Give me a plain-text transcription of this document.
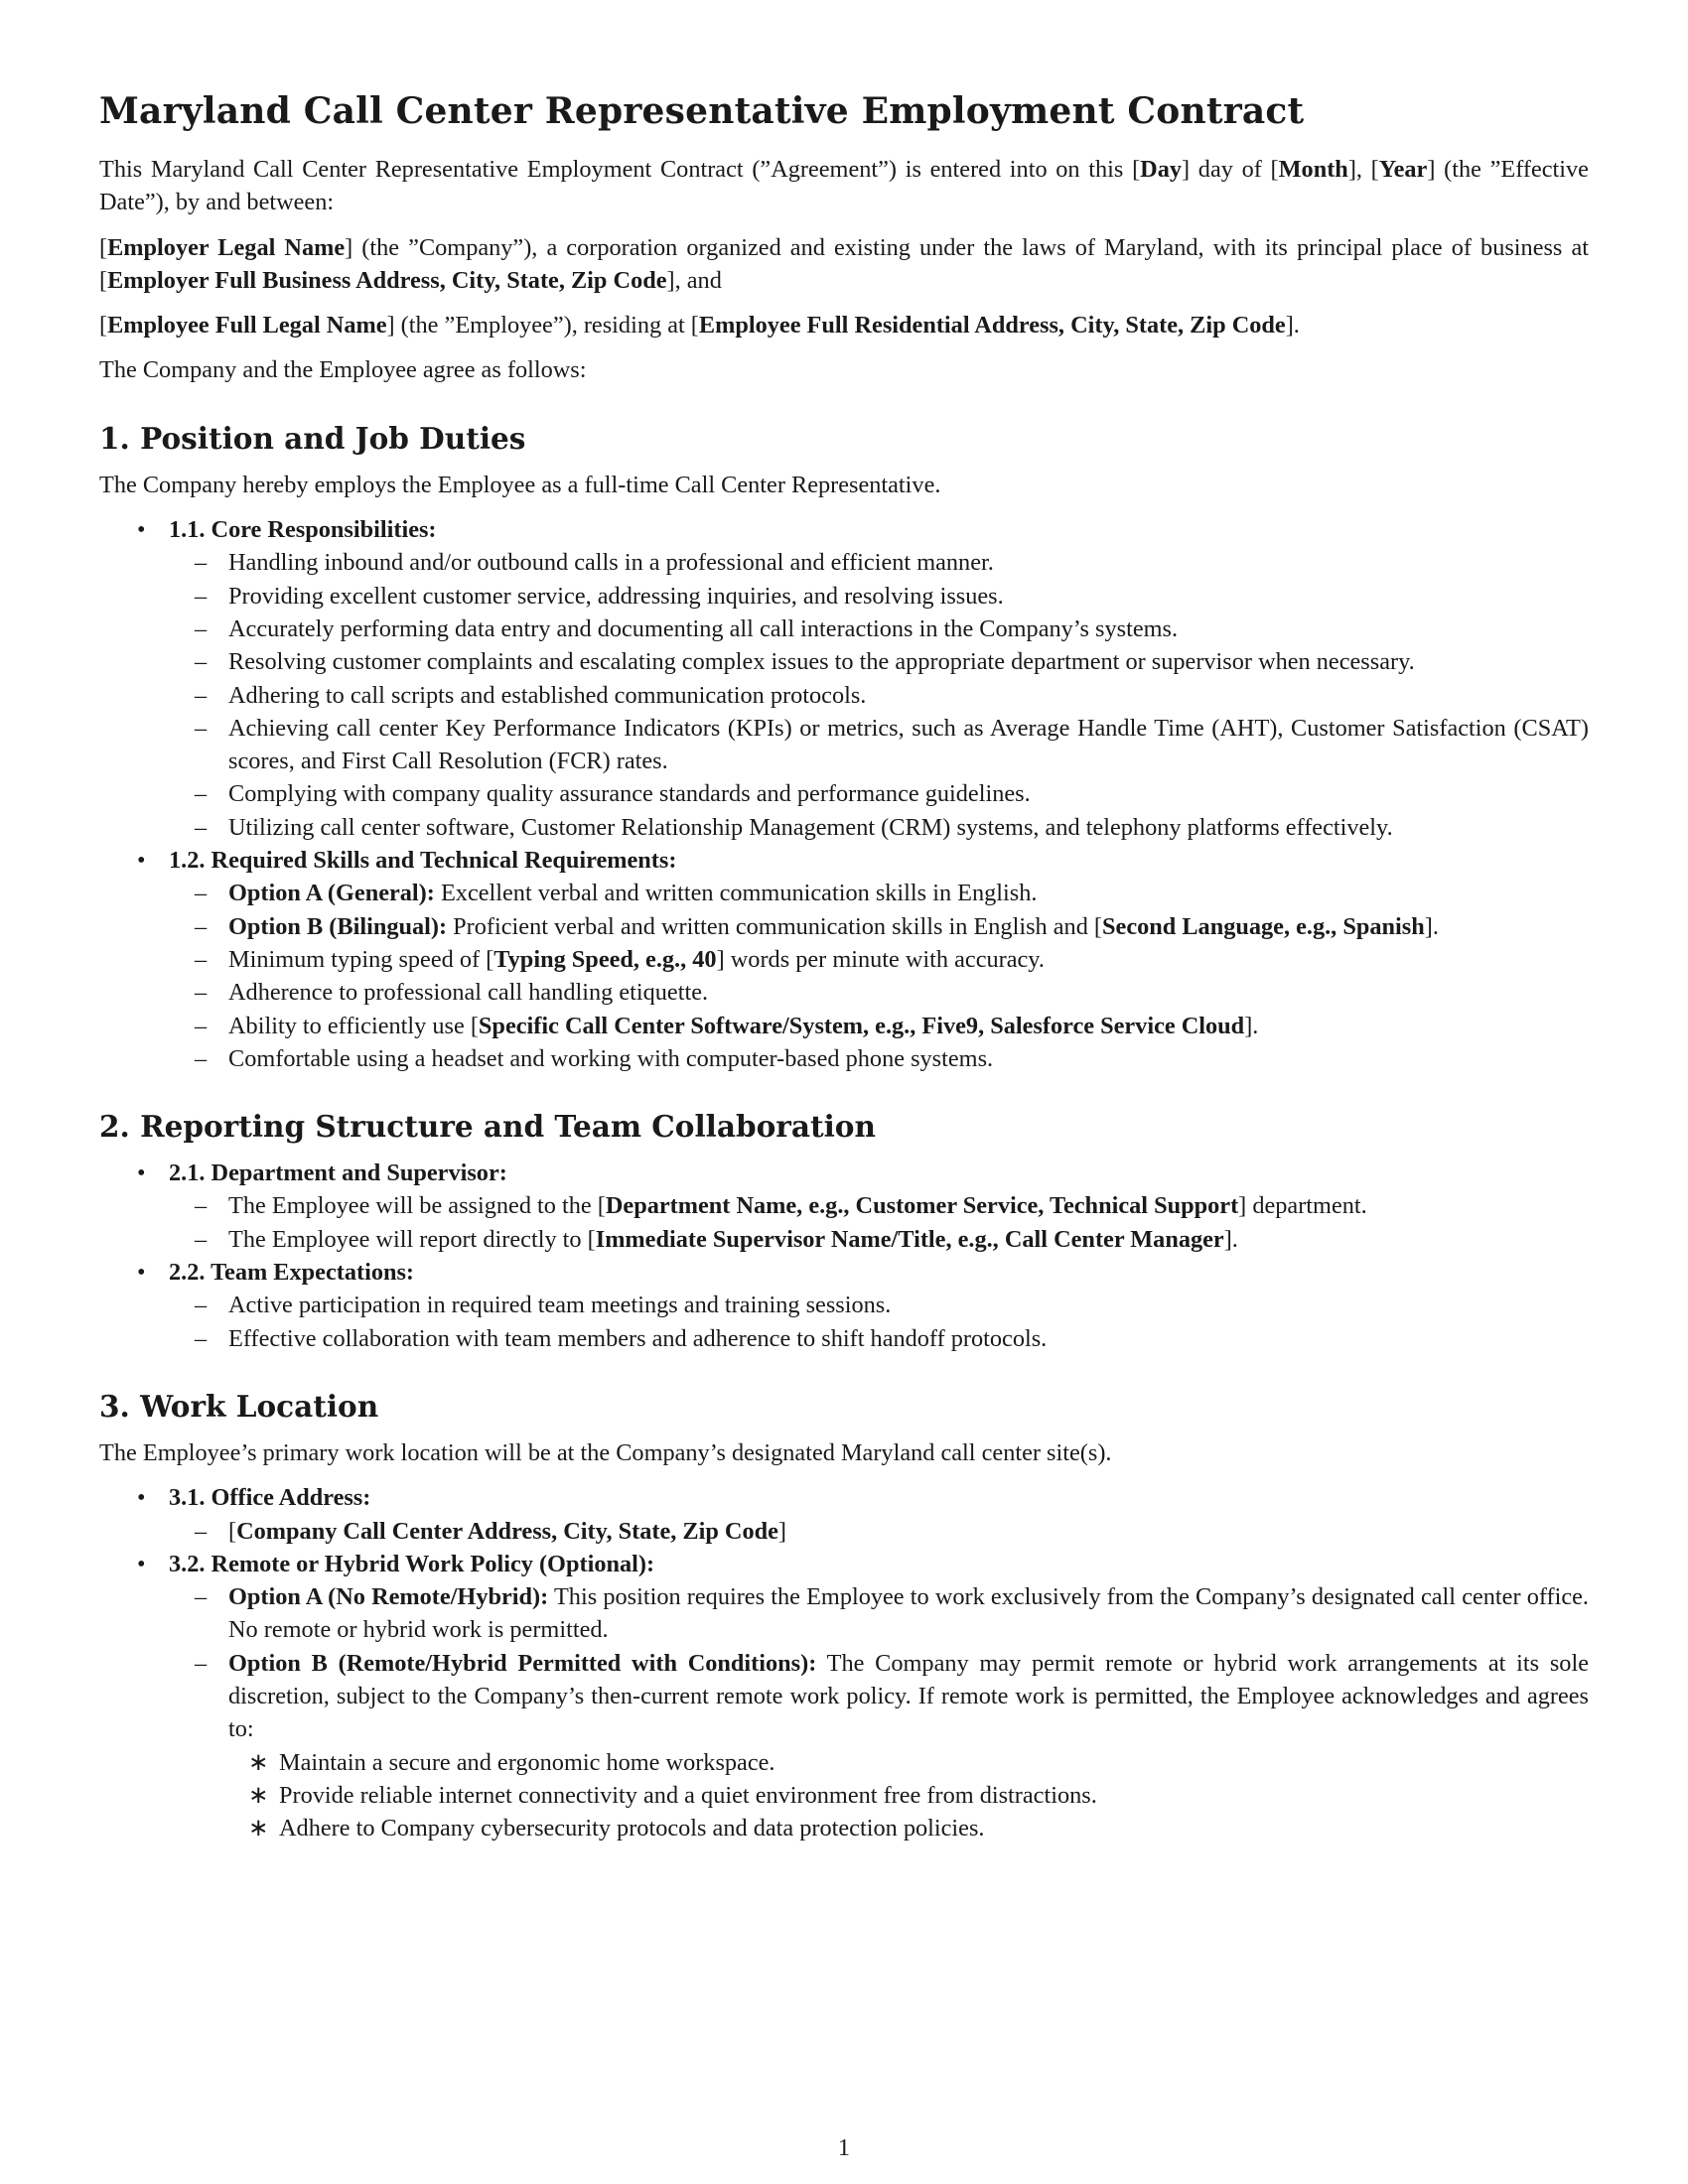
Maryland Call Center Representative Employment Contract

This Maryland Call Center Representative Employment Contract (”Agreement”) is entered into on this [Day] day of [Month], [Year] (the ”Effective Date”), by and between:

[Employer Legal Name] (the ”Company”), a corporation organized and existing under the laws of Maryland, with its principal place of business at [Employer Full Business Address, City, State, Zip Code], and

[Employee Full Legal Name] (the ”Employee”), residing at [Employee Full Residential Address, City, State, Zip Code].

The Company and the Employee agree as follows:

1. Position and Job Duties

The Company hereby employs the Employee as a full-time Call Center Representative.

• 1.1. Core Responsibilities:
– Handling inbound and/or outbound calls in a professional and efficient manner.
– Providing excellent customer service, addressing inquiries, and resolving issues.
– Accurately performing data entry and documenting all call interactions in the Company’s systems.
– Resolving customer complaints and escalating complex issues to the appropriate department or supervisor when necessary.
– Adhering to call scripts and established communication protocols.
– Achieving call center Key Performance Indicators (KPIs) or metrics, such as Average Handle Time (AHT), Customer Satisfaction (CSAT) scores, and First Call Resolution (FCR) rates.
– Complying with company quality assurance standards and performance guidelines.
– Utilizing call center software, Customer Relationship Management (CRM) systems, and telephony platforms effectively.
• 1.2. Required Skills and Technical Requirements:
– Option A (General): Excellent verbal and written communication skills in English.
– Option B (Bilingual): Proficient verbal and written communication skills in English and [Second Language, e.g., Spanish].
– Minimum typing speed of [Typing Speed, e.g., 40] words per minute with accuracy.
– Adherence to professional call handling etiquette.
– Ability to efficiently use [Specific Call Center Software/System, e.g., Five9, Salesforce Service Cloud].
– Comfortable using a headset and working with computer-based phone systems.
2. Reporting Structure and Team Collaboration
• 2.1. Department and Supervisor:
– The Employee will be assigned to the [Department Name, e.g., Customer Service, Technical Support] department.
– The Employee will report directly to [Immediate Supervisor Name/Title, e.g., Call Center Manager].
• 2.2. Team Expectations:
– Active participation in required team meetings and training sessions.
– Effective collaboration with team members and adherence to shift handoff protocols.
3. Work Location

The Employee’s primary work location will be at the Company’s designated Maryland call center site(s).

• 3.1. Office Address:
– [Company Call Center Address, City, State, Zip Code]
• 3.2. Remote or Hybrid Work Policy (Optional):
– Option A (No Remote/Hybrid): This position requires the Employee to work exclusively from the Company’s designated call center office. No remote or hybrid work is permitted.
– Option B (Remote/Hybrid Permitted with Conditions): The Company may permit remote or hybrid work arrangements at its sole discretion, subject to the Company’s then-current remote work policy. If remote work is permitted, the Employee acknowledges and agrees to:
∗ Maintain a secure and ergonomic home workspace.
∗ Provide reliable internet connectivity and a quiet environment free from distractions.
∗ Adhere to Company cybersecurity protocols and data protection policies.
1
